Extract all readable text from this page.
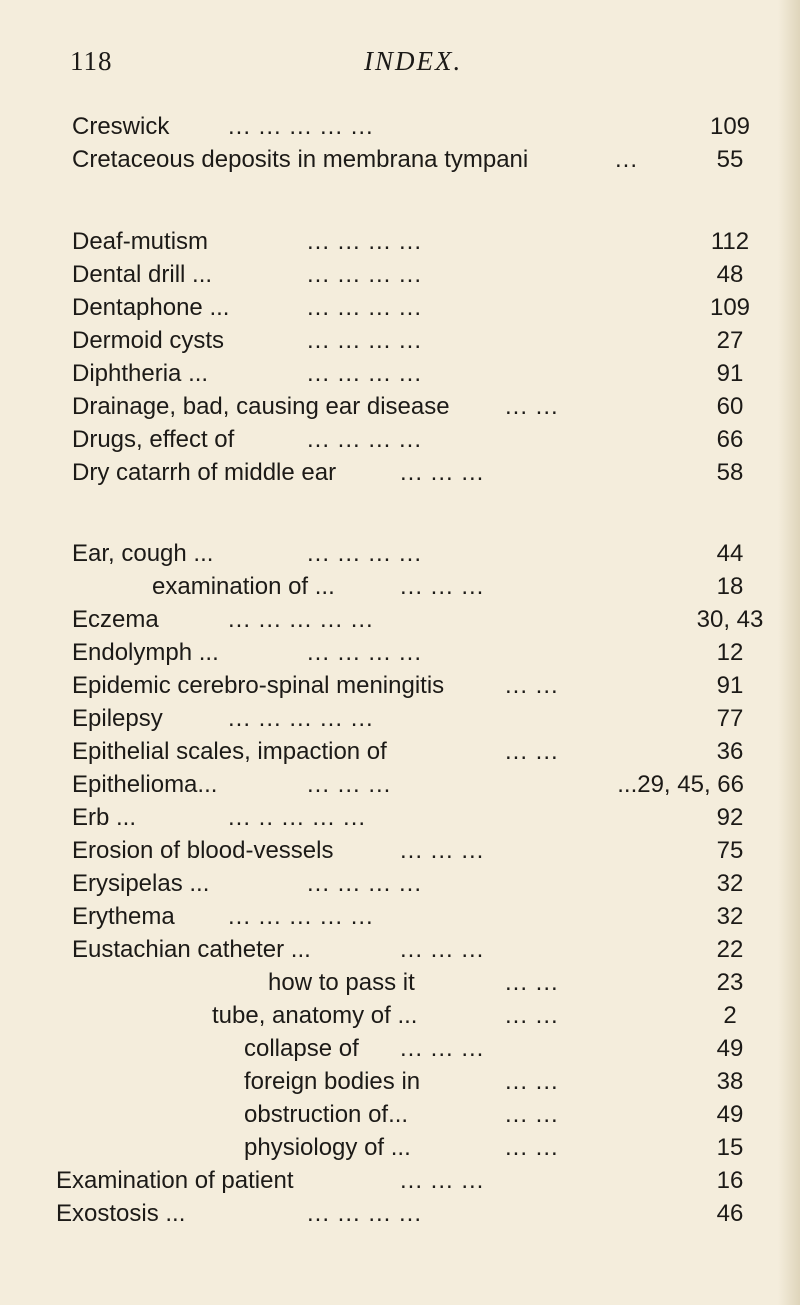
118	INDEX.
Creswick ... ... ... ... ...	109
Cretaceous deposits in membrana tympani	...	55
Deaf-mutism	... ... ... ...	112
Dental drill ...	... ... ... ...	48
Dentaphone ...	... ... ... ...	109
Dermoid cysts	... ... ... ...	27
Diphtheria ...	... ... ... ...	91
Drainage, bad, causing ear disease ... ...	60
Drugs, effect of	... ... ... ...	66
Dry catarrh of middle ear	... ... ...	58
Ear, cough ...	... ... ... ...	44
examination of ...	... ... ...	18
Eczema	... ... ... ... ...	30, 43
Endolymph ...	... ... ... ...	12
Epidemic cerebro-spinal meningitis	... ...	91
Epilepsy	... ... ... ... ...	77
Epithelial scales, impaction of	... ...	36
Epithelioma...	... ... ...	...29, 45, 66
Erb ...	... .. ... ... ...	92
Erosion of blood-vessels	... ... ...	75
Erysipelas ...	... ... ... ...	32
Erythema ... ... ... ... ...	32
Eustachian catheter ...	... ... ...	22
how to pass it	... ...	23
tube, anatomy of ...	... ...	2
collapse of ... ... ...	49
foreign bodies in	... ...	38
obstruction of...	... ...	49
physiology of ...	... ...	15
Examination of patient	... ... ...	16
Exostosis ...	... ... ... ...	46
